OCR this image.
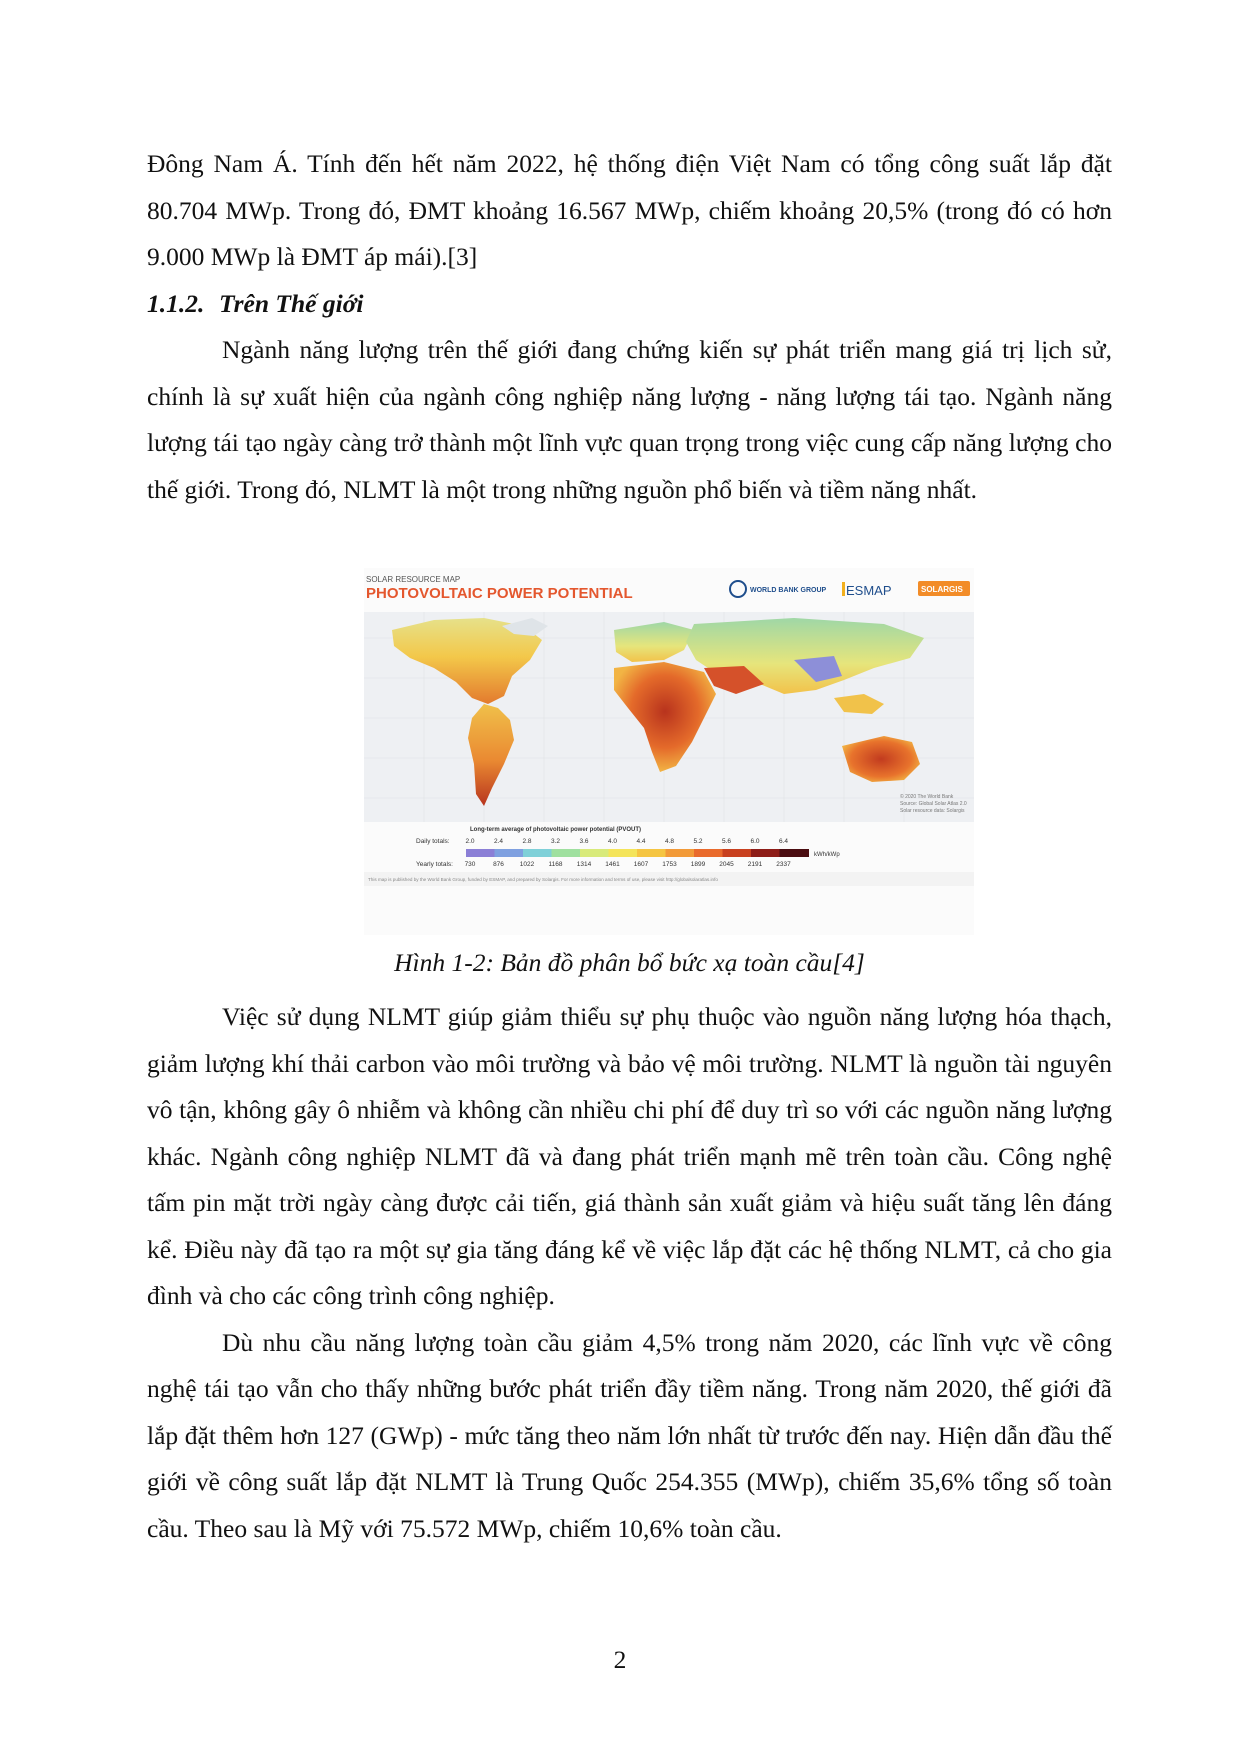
Đông Nam Á. Tính đến hết năm 2022, hệ thống điện Việt Nam có tổng công suất lắp đặt 80.704 MWp. Trong đó, ĐMT khoảng 16.567 MWp, chiếm khoảng 20,5% (trong đó có hơn 9.000 MWp là ĐMT áp mái).[3]

1.1.2. Trên Thế giới

Ngành năng lượng trên thế giới đang chứng kiến sự phát triển mang giá trị lịch sử, chính là sự xuất hiện của ngành công nghiệp năng lượng - năng lượng tái tạo. Ngành năng lượng tái tạo ngày càng trở thành một lĩnh vực quan trọng trong việc cung cấp năng lượng cho thế giới. Trong đó, NLMT là một trong những nguồn phổ biến và tiềm năng nhất.

SOLAR RESOURCE MAP
PHOTOVOLTAIC POWER POTENTIAL	WORLD BANK GROUP ESMAP	SOLARGIS
© 2020 The World Bank
Source: Global Solar Atlas 2.0
Solar resource data: Solargis
Long-term average of photovoltaic power potential (PVOUT)
Daily totals:
Yearly totals:
2.0	2.4	2.8	3.2	3.6	4.0	4.4	4.8	5.2	5.6	6.0	6.4
730	876 1022 1168 1314 1461 1607 1753 1899 2045 2191 2337
kWh/kWp
This map is published by the World Bank Group, funded by ESMAP, and prepared by Solargis. For more information and terms of use, please visit http://globalsolaratlas.info
Hình 1-2: Bản đồ phân bổ bức xạ toàn cầu[4]

Việc sử dụng NLMT giúp giảm thiểu sự phụ thuộc vào nguồn năng lượng hóa thạch, giảm lượng khí thải carbon vào môi trường và bảo vệ môi trường. NLMT là nguồn tài nguyên vô tận, không gây ô nhiễm và không cần nhiều chi phí để duy trì so với các nguồn năng lượng khác. Ngành công nghiệp NLMT đã và đang phát triển mạnh mẽ trên toàn cầu. Công nghệ tấm pin mặt trời ngày càng được cải tiến, giá thành sản xuất giảm và hiệu suất tăng lên đáng kể. Điều này đã tạo ra một sự gia tăng đáng kể về việc lắp đặt các hệ thống NLMT, cả cho gia đình và cho các công trình công nghiệp.

Dù nhu cầu năng lượng toàn cầu giảm 4,5% trong năm 2020, các lĩnh vực về công nghệ tái tạo vẫn cho thấy những bước phát triển đầy tiềm năng. Trong năm 2020, thế giới đã lắp đặt thêm hơn 127 (GWp) - mức tăng theo năm lớn nhất từ trước đến nay. Hiện dẫn đầu thế giới về công suất lắp đặt NLMT là Trung Quốc 254.355 (MWp), chiếm 35,6% tổng số toàn cầu. Theo sau là Mỹ với 75.572 MWp, chiếm 10,6% toàn cầu.

2
